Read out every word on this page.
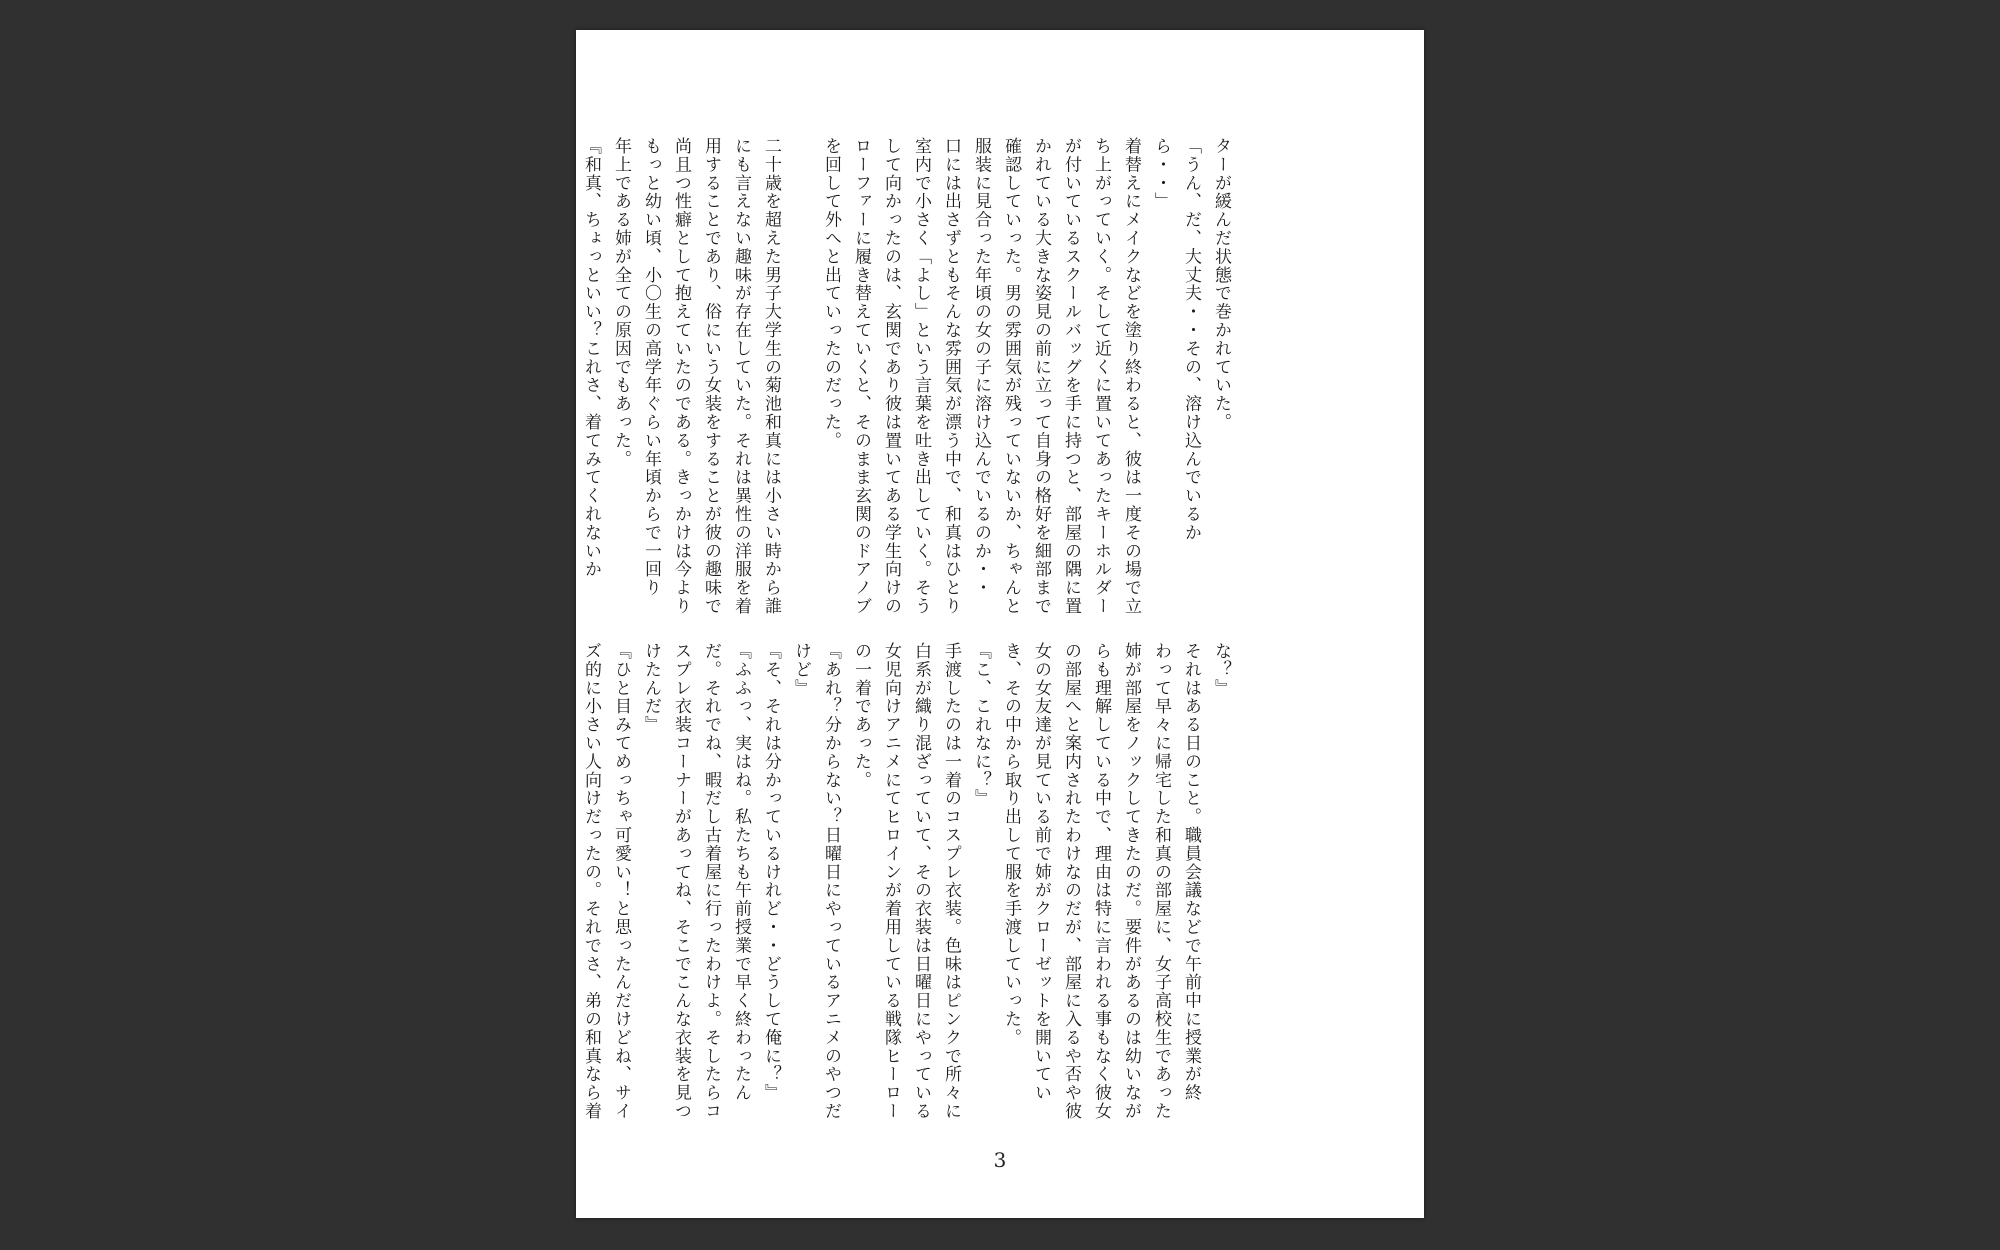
ターが緩んだ状態で巻かれていた。
「うん、だ、大丈夫・・その、溶け込んでいるか
ら・・」
着替えにメイクなどを塗り終わると、彼は一度その場で立
ち上がっていく。そして近くに置いてあったキーホルダー
が付いているスクールバッグを手に持つと、部屋の隅に置
かれている大きな姿見の前に立って自身の格好を細部まで
確認していった。男の雰囲気が残っていないか、ちゃんと
服装に見合った年頃の女の子に溶け込んでいるのか・・
口には出さずともそんな雰囲気が漂う中で、和真はひとり
室内で小さく「よし」という言葉を吐き出していく。そう
して向かったのは、玄関であり彼は置いてある学生向けの
ローファーに履き替えていくと、そのまま玄関のドアノブ
を回して外へと出ていったのだった。
二十歳を超えた男子大学生の菊池和真には小さい時から誰
にも言えない趣味が存在していた。それは異性の洋服を着
用することであり、俗にいう女装をすることが彼の趣味で
尚且つ性癖として抱えていたのである。きっかけは今より
もっと幼い頃、小〇生の高学年ぐらい年頃からで一回り
年上である姉が全ての原因でもあった。
『和真、ちょっといい？これさ、着てみてくれないか
な？』
それはある日のこと。職員会議などで午前中に授業が終
わって早々に帰宅した和真の部屋に、女子高校生であった
姉が部屋をノックしてきたのだ。要件があるのは幼いなが
らも理解している中で、理由は特に言われる事もなく彼女
の部屋へと案内されたわけなのだが、部屋に入るや否や彼
女の女友達が見ている前で姉がクローゼットを開いてい
き、その中から取り出して服を手渡していった。
『こ、これなに？』
手渡したのは一着のコスプレ衣装。色味はピンクで所々に
白系が織り混ざっていて、その衣装は日曜日にやっている
女児向けアニメにてヒロインが着用している戦隊ヒーロー
の一着であった。
『あれ？分からない？日曜日にやっているアニメのやつだ
けど』
『そ、それは分かっているけれど・・どうして俺に？』
『ふふっ、実はね。私たちも午前授業で早く終わったん
だ。それでね、暇だし古着屋に行ったわけよ。そしたらコ
スプレ衣装コーナーがあってね、そこでこんな衣装を見つ
けたんだ』
『ひと目みてめっちゃ可愛い！と思ったんだけどね、サイ
ズ的に小さい人向けだったの。それでさ、弟の和真なら着
3
